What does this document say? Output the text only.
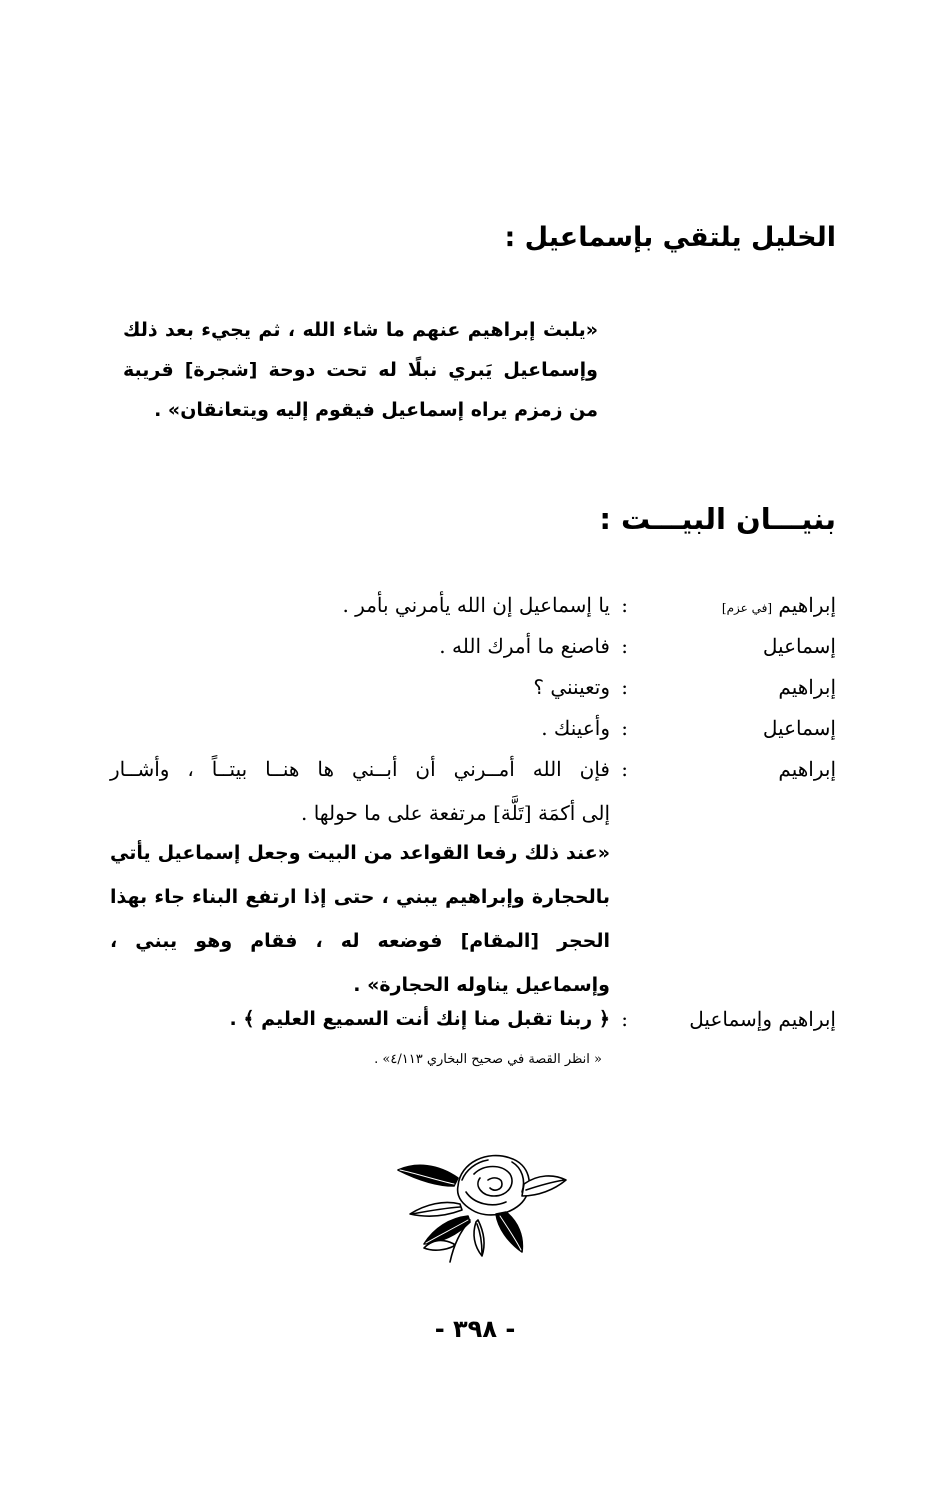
الخليل يلتقي بإسماعيل :
«يلبث إبراهيم عنهم ما شاء الله ، ثم يجيء بعد ذلك وإسماعيل يَبري نبلًا له تحت دوحة [شجرة] قريبة من زمزم يراه إسماعيل فيقوم إليه ويتعانقان» .
بنيـــان البيـــت :
إبراهيم [في عزم]
:
يا إسماعيل إن الله يأمرني بأمر .
إسماعيل
:
فاصنع ما أمرك الله .
إبراهيم
:
وتعينني ؟
إسماعيل
:
وأعينك .
إبراهيم
:
فإن الله أمــرني أن أبــني ها هنــا بيتــاً ، وأشــار
إلى أكمَة [تَلَّة] مرتفعة على ما حولها .
«عند ذلك رفعا القواعد من البيت وجعل إسماعيل يأتي بالحجارة وإبراهيم يبني ، حتى إذا ارتفع البناء جاء بهذا الحجر [المقام] فوضعه له ، فقام وهو يبني ، وإسماعيل يناوله الحجارة» .
إبراهيم وإسماعيل
:
﴿ ربنا تقبل منا إنك أنت السميع العليم ﴾ .
« انظر القصة في صحيح البخاري ٤/١١٣» .
- ٣٩٨ -
